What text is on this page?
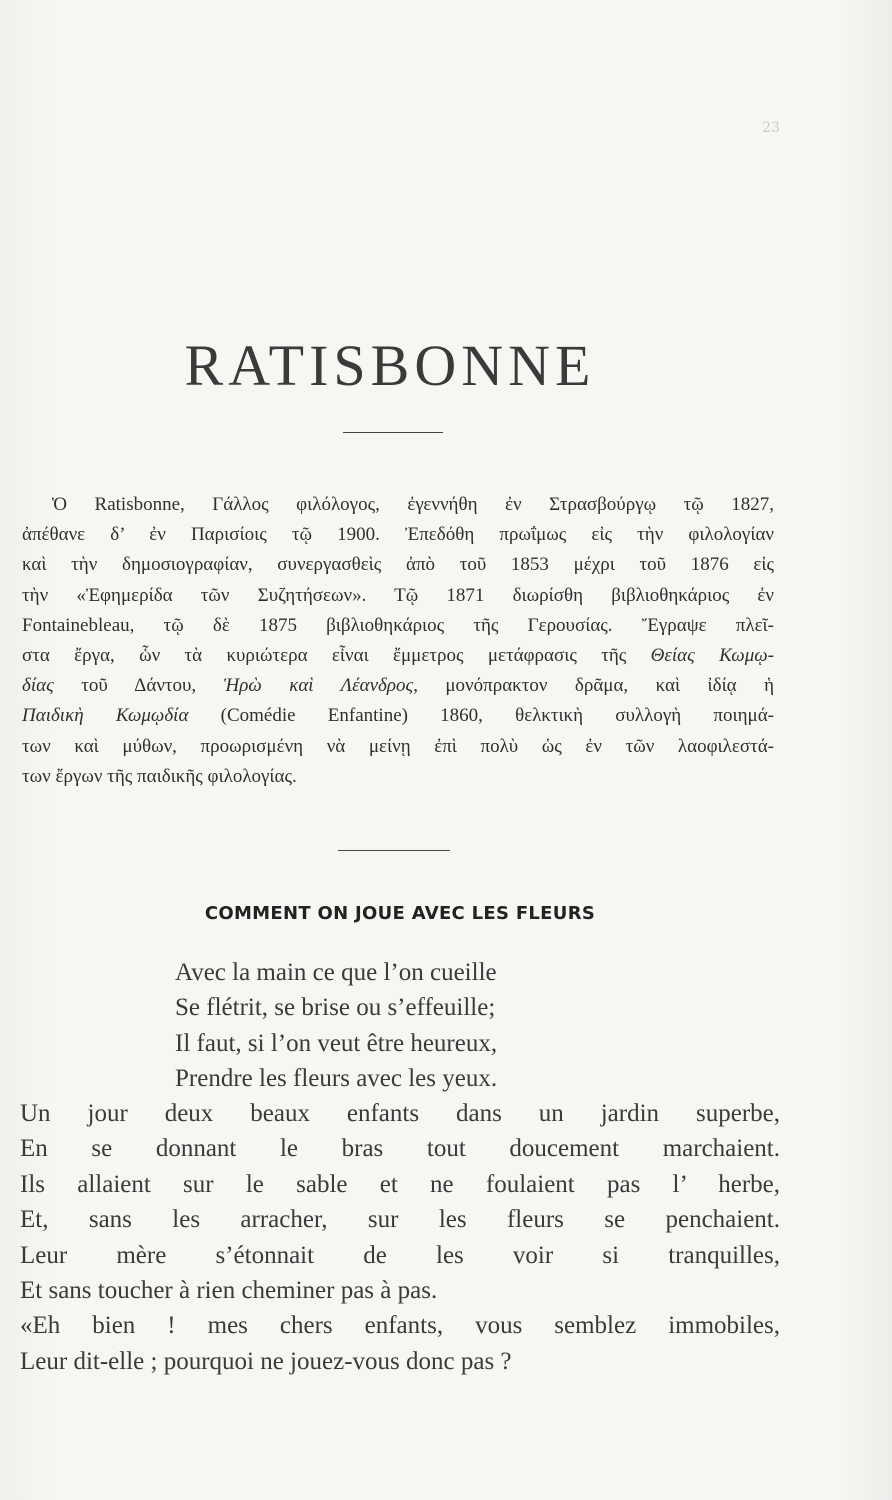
23
RATISBONNE
Ὁ Ratisbonne, Γάλλος φιλόλογος, ἐγεννήθη ἐν Στρασβούργῳ τῷ 1827,
ἀπέθανε δ’ ἐν Παρισίοις τῷ 1900. Ἐπεδόθη πρωΐμως εἰς τὴν φιλολογίαν
καὶ τὴν δημοσιογραφίαν, συνεργασθεὶς ἀπὸ τοῦ 1853 μέχρι τοῦ 1876 εἰς
τὴν «Ἐφημερίδα τῶν Συζητήσεων». Τῷ 1871 διωρίσθη βιβλιοθηκάριος ἐν
Fontainebleau, τῷ δὲ 1875 βιβλιοθηκάριος τῆς Γερουσίας. Ἔγραψε πλεῖ-
στα ἔργα, ὧν τὰ κυριώτερα εἶναι ἔμμετρος μετάφρασις τῆς Θείας Κωμῳ-
δίας τοῦ Δάντου, Ἡρὼ καὶ Λέανδρος, μονόπρακτον δρᾶμα, καὶ ἰδίᾳ ἡ
Παιδικὴ Κωμῳδία (Comédie Enfantine) 1860, θελκτικὴ συλλογὴ ποιημά-
των καὶ μύθων, προωρισμένη νὰ μείνῃ ἐπὶ πολὺ ὡς ἐν τῶν λαοφιλεστά-
των ἔργων τῆς παιδικῆς φιλολογίας.
COMMENT ON JOUE AVEC LES FLEURS
Avec la main ce que l’on cueille
Se flétrit, se brise ou s’effeuille;
Il faut, si l’on veut être heureux,
Prendre les fleurs avec les yeux.
Un jour deux beaux enfants dans un jardin superbe,
En se donnant le bras tout doucement marchaient.
Ils allaient sur le sable et ne foulaient pas l’ herbe,
Et, sans les arracher, sur les fleurs se penchaient.
Leur mère s’étonnait de les voir si tranquilles,
Et sans toucher à rien cheminer pas à pas.
«Eh bien ! mes chers enfants, vous semblez immobiles,
Leur dit-elle ; pourquoi ne jouez-vous donc pas ?
